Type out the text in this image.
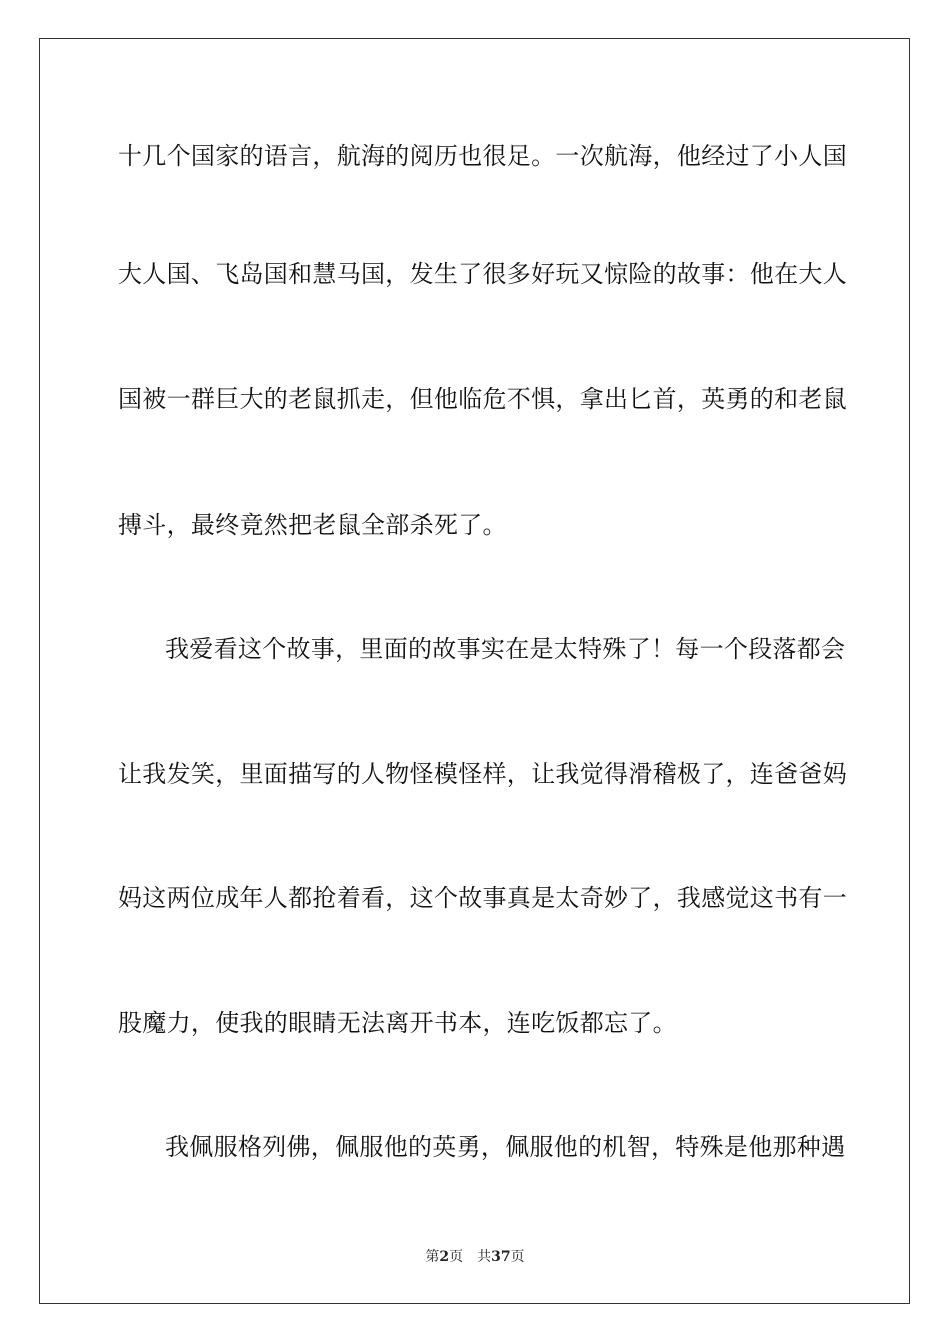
十几个国家的语言，航海的阅历也很足。一次航海，他经过了小人国
大人国、飞岛国和慧马国，发生了很多好玩又惊险的故事：他在大人
国被一群巨大的老鼠抓走，但他临危不惧，拿出匕首，英勇的和老鼠
搏斗，最终竟然把老鼠全部杀死了。
我爱看这个故事，里面的故事实在是太特殊了！每一个段落都会
让我发笑，里面描写的人物怪模怪样，让我觉得滑稽极了，连爸爸妈
妈这两位成年人都抢着看，这个故事真是太奇妙了，我感觉这书有一
股魔力，使我的眼睛无法离开书本，连吃饭都忘了。
我佩服格列佛，佩服他的英勇，佩服他的机智，特殊是他那种遇
第2页 共37页
